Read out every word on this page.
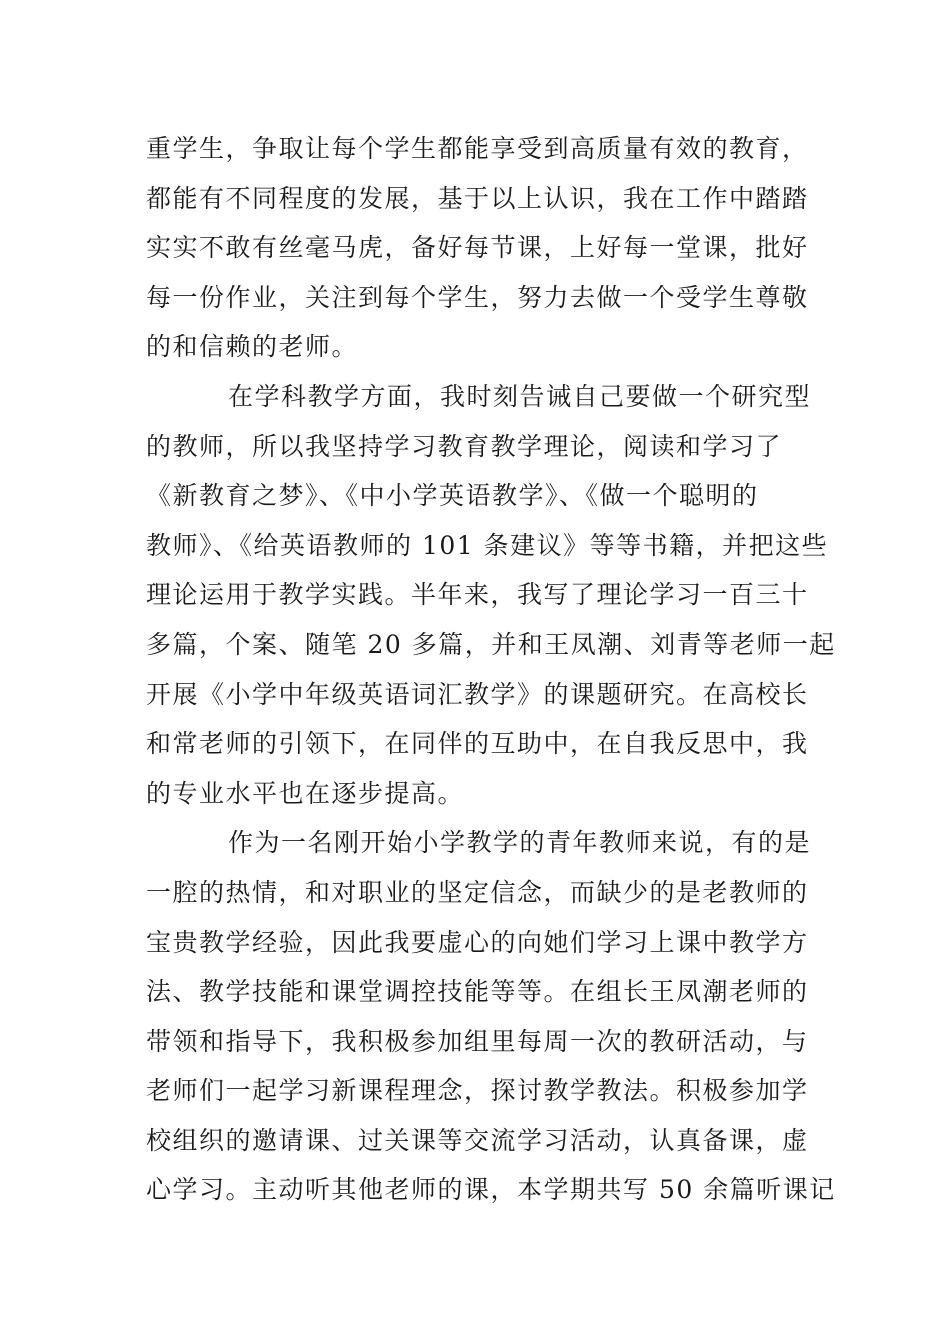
重学生，争取让每个学生都能享受到高质量有效的教育，
都能有不同程度的发展，基于以上认识，我在工作中踏踏
实实不敢有丝毫马虎，备好每节课，上好每一堂课，批好
每一份作业，关注到每个学生，努力去做一个受学生尊敬
的和信赖的老师。
在学科教学方面，我时刻告诫自己要做一个研究型
的教师，所以我坚持学习教育教学理论，阅读和学习了
《新教育之梦》、《中小学英语教学》、《做一个聪明的
教师》、《给英语教师的 101 条建议》等等书籍，并把这些
理论运用于教学实践。半年来，我写了理论学习一百三十
多篇，个案、随笔 20 多篇，并和王凤潮、刘青等老师一起
开展《小学中年级英语词汇教学》的课题研究。在高校长
和常老师的引领下，在同伴的互助中，在自我反思中，我
的专业水平也在逐步提高。
作为一名刚开始小学教学的青年教师来说，有的是
一腔的热情，和对职业的坚定信念，而缺少的是老教师的
宝贵教学经验，因此我要虚心的向她们学习上课中教学方
法、教学技能和课堂调控技能等等。在组长王凤潮老师的
带领和指导下，我积极参加组里每周一次的教研活动，与
老师们一起学习新课程理念，探讨教学教法。积极参加学
校组织的邀请课、过关课等交流学习活动，认真备课，虚
心学习。主动听其他老师的课，本学期共写 50 余篇听课记
